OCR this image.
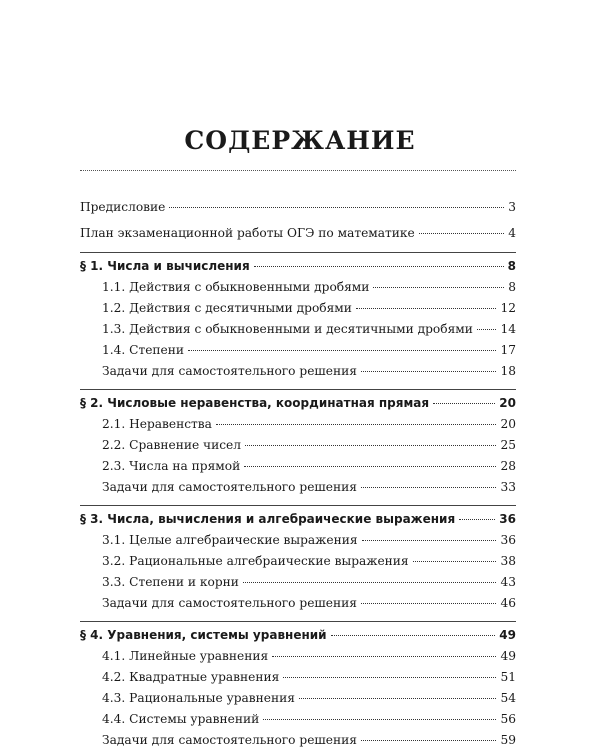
СОДЕРЖАНИЕ
Предисловие	3
План экзаменационной работы ОГЭ по математике	4
§ 1. Числа и вычисления	8
1.1. Действия с обыкновенными дробями	8
1.2. Действия с десятичными дробями	12
1.3. Действия с обыкновенными и десятичными дробями 14
1.4. Степени	17
Задачи для самостоятельного решения	18
§ 2. Числовые неравенства, координатная прямая	20
2.1. Неравенства	20
2.2. Сравнение чисел	25
2.3. Числа на прямой	28
Задачи для самостоятельного решения	33
§ 3. Числа, вычисления и алгебраические выражения	36
3.1. Целые алгебраические выражения	36
3.2. Рациональные алгебраические выражения	38
3.3. Степени и корни	43
Задачи для самостоятельного решения	46
§ 4. Уравнения, системы уравнений	49
4.1. Линейные уравнения	49
4.2. Квадратные уравнения	51
4.3. Рациональные уравнения	54
4.4. Системы уравнений	56
Задачи для самостоятельного решения	59
